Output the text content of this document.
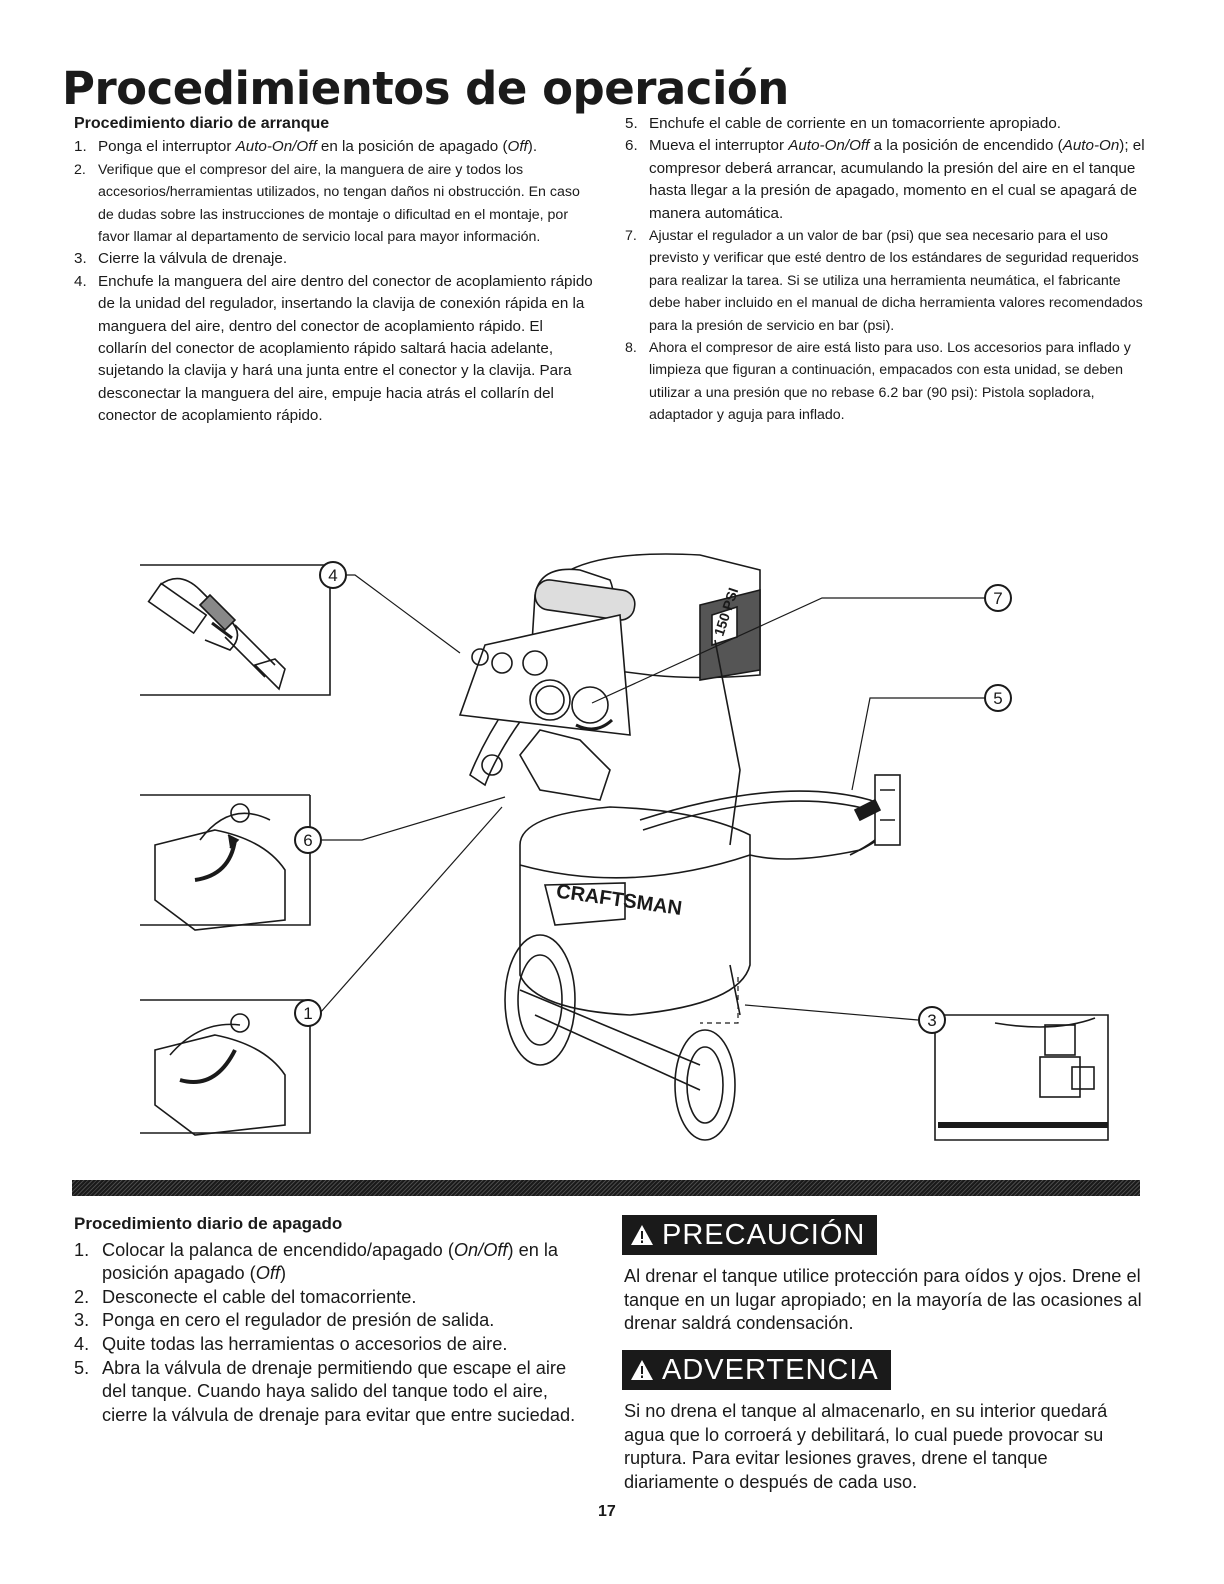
Procedimientos de operación
Procedimiento diario de arranque
1. Ponga el interruptor Auto-On/Off en la posición de apagado (Off).
2. Verifique que el compresor del aire, la manguera de aire y todos los accesorios/herramientas utilizados, no tengan daños ni obstrucción. En caso de dudas sobre las instrucciones de montaje o dificultad en el montaje, por favor llamar al departamento de servicio local para mayor información.
3. Cierre la válvula de drenaje.
4. Enchufe la manguera del aire dentro del conector de acoplamiento rápido de la unidad del regulador, insertando la clavija de conexión rápida en la manguera del aire, dentro del conector de acoplamiento rápido. El collarín del conector de acoplamiento rápido saltará hacia adelante, sujetando la clavija y hará una junta entre el conector y la clavija. Para desconectar la manguera del aire, empuje hacia atrás el collarín del conector de acoplamiento rápido.
5. Enchufe el cable de corriente en un tomacorriente apropiado.
6. Mueva el interruptor Auto-On/Off a la posición de encendido (Auto-On); el compresor deberá arrancar, acumulando la presión del aire en el tanque hasta llegar a la presión de apagado, momento en el cual se apagará de manera automática.
7. Ajustar el regulador a un valor de bar (psi) que sea necesario para el uso previsto y verificar que esté dentro de los estándares de seguridad requeridos para realizar la tarea. Si se utiliza una herramienta neumática, el fabricante debe haber incluido en el manual de dicha herramienta valores recomendados para la presión de servicio en bar (psi).
8. Ahora el compresor de aire está listo para uso. Los accesorios para inflado y limpieza que figuran a continuación, empacados con esta unidad, se deben utilizar a una presión que no rebase 6.2 bar (90 psi): Pistola sopladora, adaptador y aguja para inflado.
CRAFTSMAN
150 PSI
4
7
5
6
1	3
Procedimiento diario de apagado
1. Colocar la palanca de encendido/apagado (On/Off) en la posición apagado (Off)
2. Desconecte el cable del tomacorriente.
3. Ponga en cero el regulador de presión de salida.
4. Quite todas las herramientas o accesorios de aire.
5. Abra la válvula de drenaje permitiendo que escape el aire del tanque. Cuando haya salido del tanque todo el aire, cierre la válvula de drenaje para evitar que entre suciedad.
PRECAUCIÓN
Al drenar el tanque utilice protección para oídos y ojos. Drene el tanque en un lugar apropiado; en la mayoría de las ocasiones al drenar saldrá condensación.
ADVERTENCIA
Si no drena el tanque al almacenarlo, en su interior quedará agua que lo corroerá y debilitará, lo cual puede provocar su ruptura. Para evitar lesiones graves, drene el tanque diariamente o después de cada uso.
17
